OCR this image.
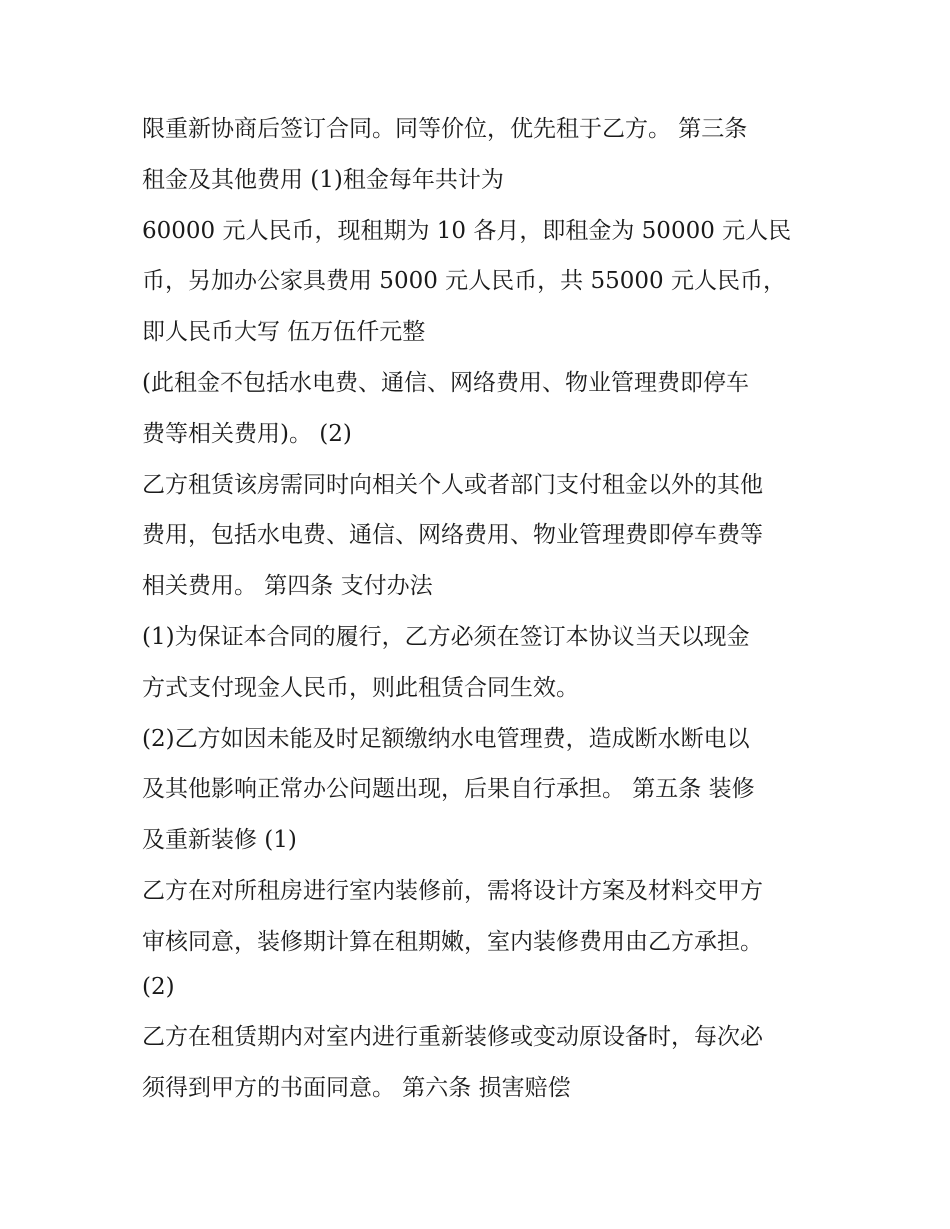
限重新协商后签订合同。同等价位，优先租于乙方。 第三条
租金及其他费用 (1)租金每年共计为
60000 元人民币，现租期为 10 各月，即租金为 50000 元人民
币，另加办公家具费用 5000 元人民币，共 55000 元人民币，
即人民币大写 伍万伍仟元整
(此租金不包括水电费、通信、网络费用、物业管理费即停车
费等相关费用)。 (2)
乙方租赁该房需同时向相关个人或者部门支付租金以外的其他
费用，包括水电费、通信、网络费用、物业管理费即停车费等
相关费用。 第四条 支付办法
(1)为保证本合同的履行，乙方必须在签订本协议当天以现金
方式支付现金人民币，则此租赁合同生效。
(2)乙方如因未能及时足额缴纳水电管理费，造成断水断电以
及其他影响正常办公问题出现，后果自行承担。 第五条 装修
及重新装修 (1)
乙方在对所租房进行室内装修前，需将设计方案及材料交甲方
审核同意，装修期计算在租期嫩，室内装修费用由乙方承担。
(2)
乙方在租赁期内对室内进行重新装修或变动原设备时，每次必
须得到甲方的书面同意。 第六条 损害赔偿
